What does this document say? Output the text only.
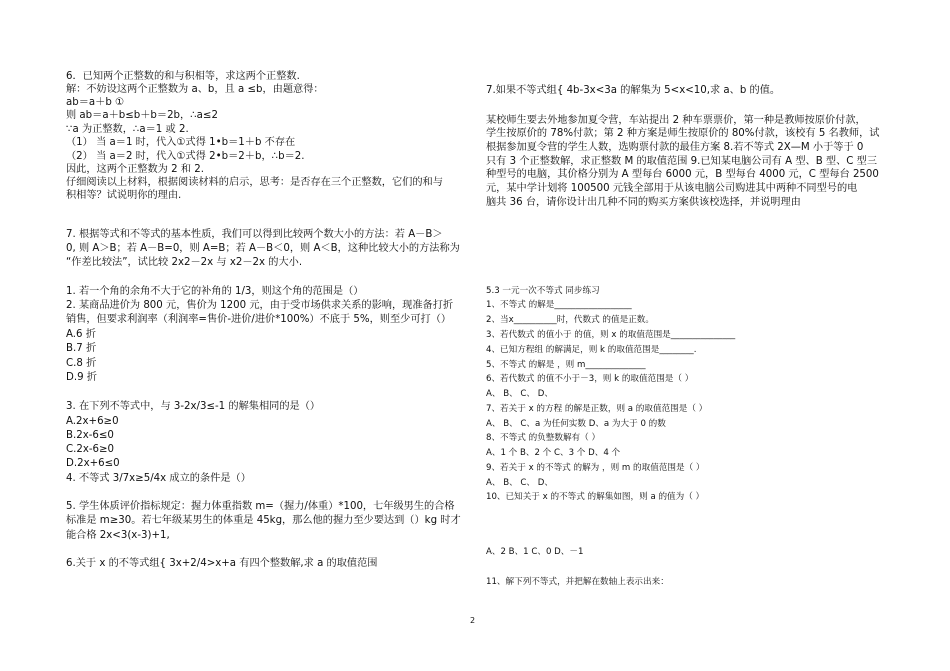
6．已知两个正整数的和与积相等，求这两个正整数.
解：不妨设这两个正整数为 a、b，且 a ≤b，由题意得：
ab＝a＋b ①
则 ab＝a＋b≤b＋b＝2b，∴a≤2
∵a 为正整数，∴a＝1 或 2.
（1） 当 a＝1 时，代入①式得 1•b＝1＋b 不存在
（2） 当 a＝2 时，代入①式得 2•b＝2＋b，∴b＝2.
因此，这两个正整数为 2 和 2.
仔细阅读以上材料，根据阅读材料的启示，思考：是否存在三个正整数，它们的和与
积相等？试说明你的理由.
7. 根据等式和不等式的基本性质，我们可以得到比较两个数大小的方法：若 A－B＞
0, 则 A＞B；若 A－B=0，则 A=B；若 A－B＜0，则 A＜B，这种比较大小的方法称为
“作差比较法”，试比较 2x2－2x 与 x2－2x 的大小.
1. 若一个角的余角不大于它的补角的 1/3，则这个角的范围是（）
2. 某商品进价为 800 元，售价为 1200 元，由于受市场供求关系的影响，现准备打折
销售，但要求利润率（利润率=售价-进价/进价*100%）不底于 5%，则至少可打（）
A.6 折
B.7 折
C.8 折
D.9 折
3. 在下列不等式中，与 3-2x/3≤-1 的解集相同的是（）
A.2x+6≥0
B.2x-6≤0
C.2x-6≥0
D.2x+6≤0
4. 不等式 3/7x≥5/4x 成立的条件是（）
5. 学生体质评价指标规定：握力体重指数 m=（握力/体重）*100，七年级男生的合格
标准是 m≥30。若七年级某男生的体重是 45kg，那么他的握力至少要达到（）kg 时才
能合格 2x<3(x-3)+1,
6.关于 x 的不等式组{ 3x+2/4>x+a 有四个整数解,求 a 的取值范围
7.如果不等式组{ 4b-3x<3a 的解集为 5<x<10,求 a、b 的值。
某校师生要去外地参加夏令营，车站提出 2 种车票票价，第一种是教师按原价付款，
学生按原价的 78%付款；第 2 种方案是师生按原价的 80%付款，该校有 5 名教师，试
根据参加夏令营的学生人数，选购票付款的最佳方案 8.若不等式 2X—M 小于等于 0
只有 3 个正整数解，求正整数 M 的取值范围 9.已知某电脑公司有 A 型、B 型、C 型三
种型号的电脑，其价格分别为 A 型每台 6000 元，B 型每台 4000 元，C 型每台 2500
元，某中学计划将 100500 元钱全部用于从该电脑公司购进其中两种不同型号的电
脑共 36 台，请你设计出几种不同的购买方案供该校选择，并说明理由
5.3 一元一次不等式 同步练习
1、不等式 的解是__________________
2、当x__________时，代数式 的值是正数。
3、若代数式 的值小于 的值，则 x 的取值范围是_______________
4、已知方程组 的解满足，则 k 的取值范围是________.
5、不等式 的解是 ，则 m______________
6、若代数式 的值不小于－3，则 k 的取值范围是（ ）
A、 B、 C、 D、
7、若关于 x 的方程 的解是正数，则 a 的取值范围是（ ）
A、 B、 C、a 为任何实数 D、a 为大于 0 的数
8、不等式 的负整数解有（ ）
A、1 个 B、2 个 C、3 个 D、4 个
9、若关于 x 的不等式 的解为 ，则 m 的取值范围是（ ）
A、 B、 C、 D、
10、已知关于 x 的不等式 的解集如图，则 a 的值为（ ）
A、2 B、1 C、0 D、－1
11、解下列不等式，并把解在数轴上表示出来：
2
